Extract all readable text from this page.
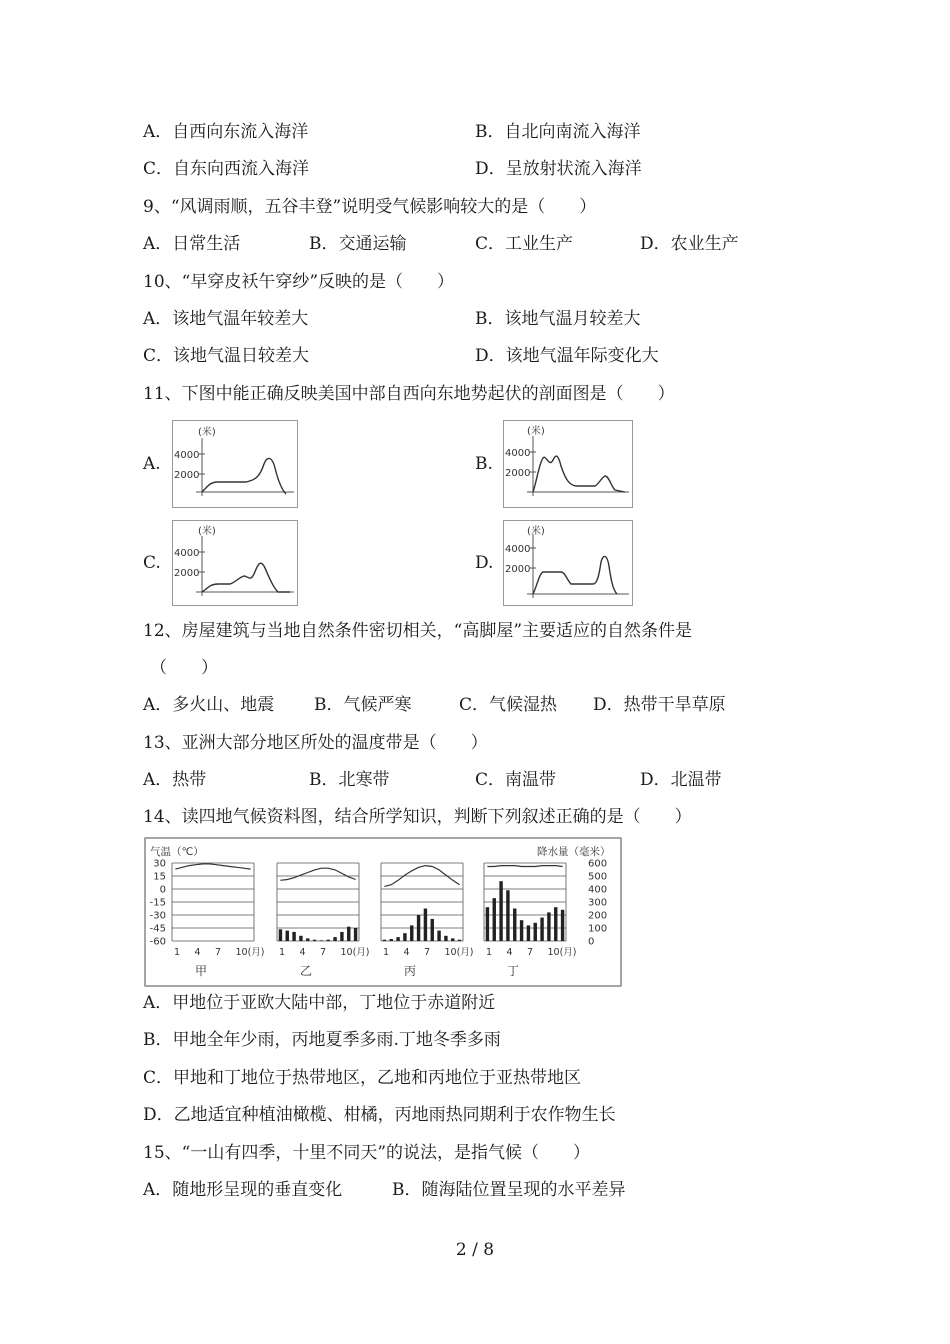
A．自西向东流入海洋	B．自北向南流入海洋
C．自东向西流入海洋	D．呈放射状流入海洋
9、“风调雨顺，五谷丰登”说明受气候影响较大的是（　　）
A．日常生活	B．交通运输	C．工业生产	D．农业生产
10、“早穿皮袄午穿纱”反映的是（　　）
A．该地气温年较差大	B．该地气温月较差大
C．该地气温日较差大	D．该地气温年际变化大
11、下图中能正确反映美国中部自西向东地势起伏的剖面图是（　　）
A.
(米)
4000
2000
B.
(米)
4000
2000
C.
(米)
4000
2000
D.
(米)
4000
2000
12、房屋建筑与当地自然条件密切相关，“高脚屋”主要适应的自然条件是
（　　）
A．多火山、地震 B．气候严寒	C．气候湿热 D．热带干旱草原
13、亚洲大部分地区所处的温度带是（　　）
A．热带	B．北寒带	C．南温带	D．北温带
14、读四地气候资料图，结合所学知识，判断下列叙述正确的是（　　）
气温（℃）	降水量（毫米）
30
15
0
-15
-30
-45
-60
600
500
400
300
200
100
0
1 4 7 10(月)
甲
1 4 7 10(月)
乙
1 4 7 10(月)
丙
1 4 7 10(月)
丁
A．甲地位于亚欧大陆中部，丁地位于赤道附近
B．甲地全年少雨，丙地夏季多雨.丁地冬季多雨
C．甲地和丁地位于热带地区，乙地和丙地位于亚热带地区
D．乙地适宜种植油橄榄、柑橘，丙地雨热同期利于农作物生长
15、“一山有四季，十里不同天”的说法，是指气候（　　）
A．随地形呈现的垂直变化	B．随海陆位置呈现的水平差异
2 / 8
